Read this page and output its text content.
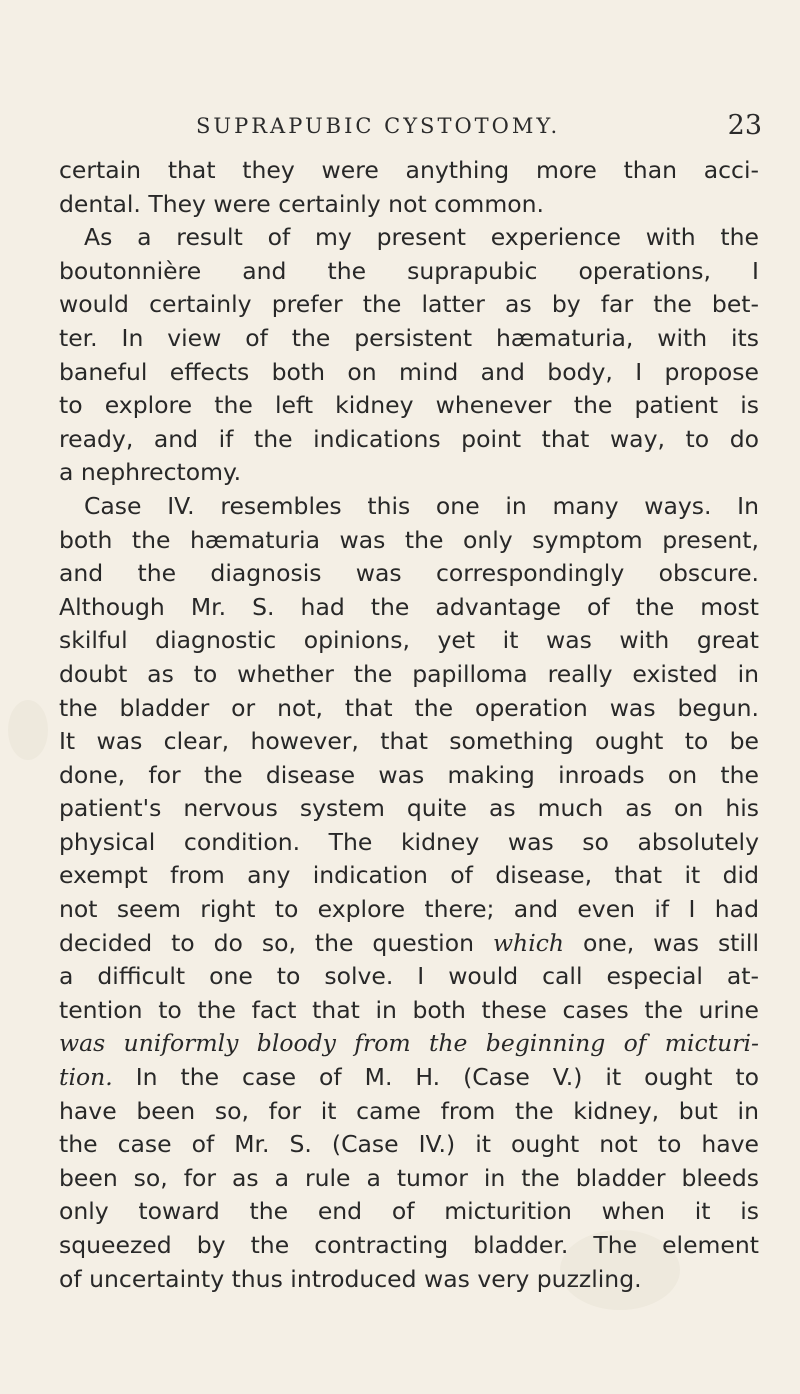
SUPRAPUBIC CYSTOTOMY.	23
certain that they were anything more than acci-
dental. They were certainly not common.
As a result of my present experience with the
boutonnière and the suprapubic operations, I
would certainly prefer the latter as by far the bet-
ter. In view of the persistent hæmaturia, with its
baneful effects both on mind and body, I propose
to explore the left kidney whenever the patient is
ready, and if the indications point that way, to do
a nephrectomy.
Case IV. resembles this one in many ways. In
both the hæmaturia was the only symptom present,
and the diagnosis was correspondingly obscure.
Although Mr. S. had the advantage of the most
skilful diagnostic opinions, yet it was with great
doubt as to whether the papilloma really existed in
the bladder or not, that the operation was begun.
It was clear, however, that something ought to be
done, for the disease was making inroads on the
patient's nervous system quite as much as on his
physical condition. The kidney was so absolutely
exempt from any indication of disease, that it did
not seem right to explore there; and even if I had
decided to do so, the question which one, was still
a difficult one to solve. I would call especial at-
tention to the fact that in both these cases the urine
was uniformly bloody from the beginning of micturi-
tion. In the case of M. H. (Case V.) it ought to
have been so, for it came from the kidney, but in
the case of Mr. S. (Case IV.) it ought not to have
been so, for as a rule a tumor in the bladder bleeds
only toward the end of micturition when it is
squeezed by the contracting bladder. The element
of uncertainty thus introduced was very puzzling.
